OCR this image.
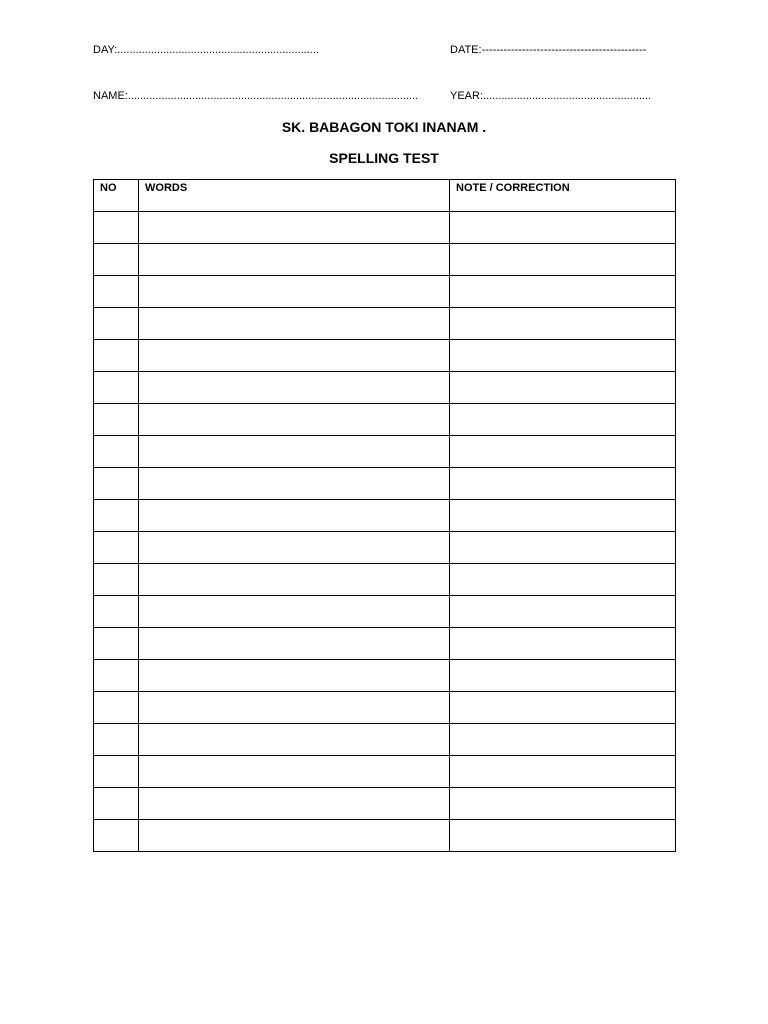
DAY:..................................................................	DATE:---------------------------------------------
NAME:...............................................................................................	YEAR:.......................................................
SK. BABAGON TOKI INANAM .
SPELLING TEST
NO	WORDS	NOTE / CORRECTION
